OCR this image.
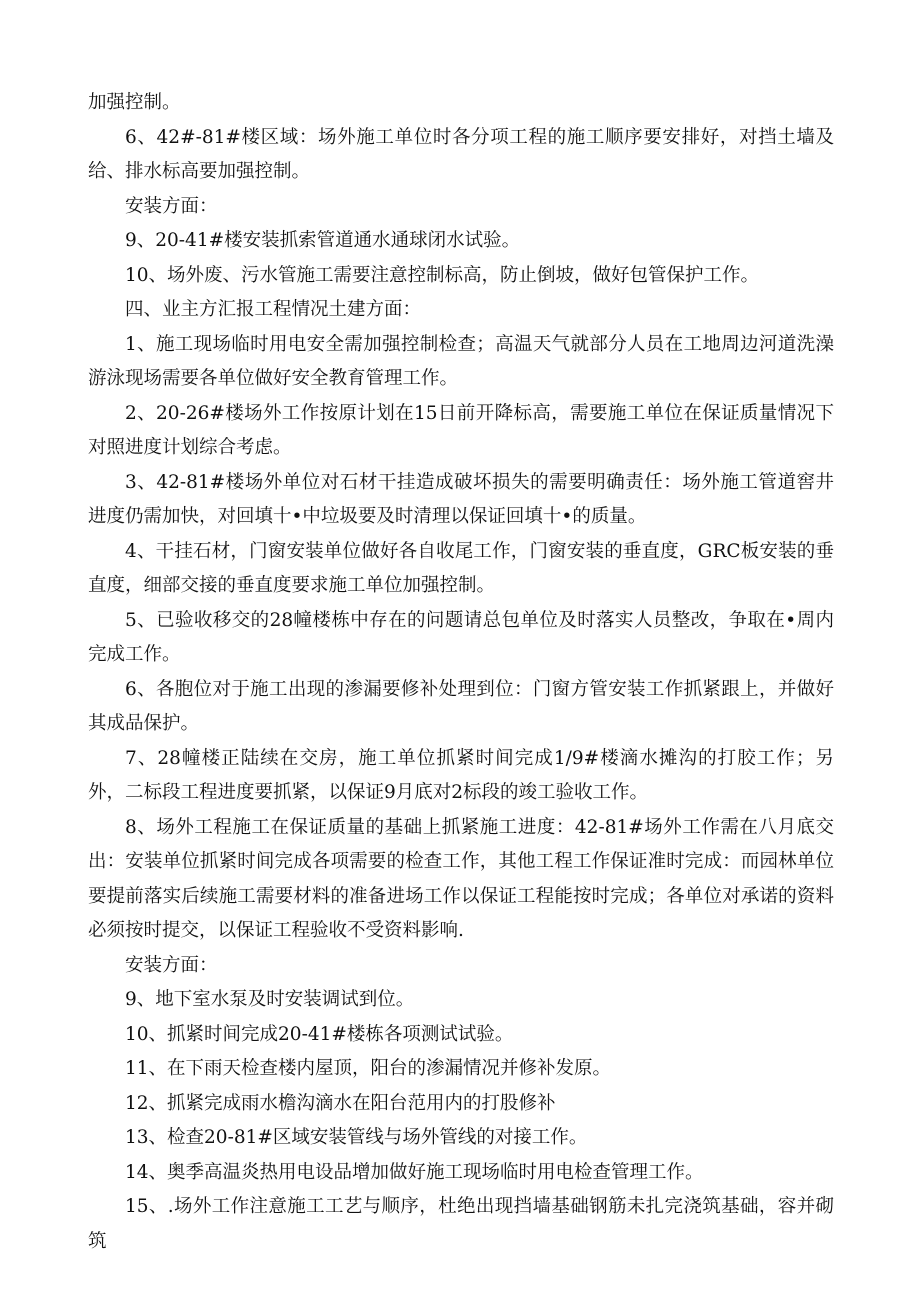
加强控制。

6、42#-81#楼区域：场外施工单位时各分项工程的施工顺序要安排好，对挡土墙及给、排水标高要加强控制。

安装方面：

9、20-41#楼安装抓索管道通水通球闭水试验。

10、场外废、污水管施工需要注意控制标高，防止倒坡，做好包管保护工作。

四、业主方汇报工程情况土建方面：

1、施工现场临时用电安全需加强控制检查；高温天气就部分人员在工地周边河道洗澡游泳现场需要各单位做好安全教育管理工作。

2、20-26#楼场外工作按原计划在15日前开降标高，需要施工单位在保证质量情况下对照进度计划综合考虑。

3、42-81#楼场外单位对石材干挂造成破坏损失的需要明确责任：场外施工管道窖井进度仍需加快，对回填十•中垃圾要及时清理以保证回填十•的质量。

4、干挂石材，门窗安装单位做好各自收尾工作，门窗安装的垂直度，GRC板安装的垂直度，细部交接的垂直度要求施工单位加强控制。

5、已验收移交的28幢楼栋中存在的问题请总包单位及时落实人员整改，争取在•周内完成工作。

6、各胞位对于施工出现的渗漏要修补处理到位：门窗方管安装工作抓紧跟上，并做好其成品保护。

7、28幢楼正陆续在交房，施工单位抓紧时间完成1/9#楼滴水摊沟的打胶工作；另外，二标段工程进度要抓紧，以保证9月底对2标段的竣工验收工作。

8、场外工程施工在保证质量的基础上抓紧施工进度：42-81#场外工作需在八月底交出：安装单位抓紧时间完成各项需要的检查工作，其他工程工作保证准时完成：而园林单位要提前落实后续施工需要材料的准备进场工作以保证工程能按时完成；各单位对承诺的资料必须按时提交，以保证工程验收不受资料影响.

安装方面：

9、地下室水泵及时安装调试到位。

10、抓紧时间完成20-41#楼栋各项测试试验。

11、在下雨天检查楼内屋顶，阳台的渗漏情况并修补发原。

12、抓紧完成雨水檐沟滴水在阳台范用内的打股修补

13、检查20-81#区域安装管线与场外管线的对接工作。

14、奥季高温炎热用电设品增加做好施工现场临时用电检查管理工作。

15、.场外工作注意施工工艺与顺序，杜绝出现挡墙基础钢筋未扎完浇筑基础，容并砌筑
